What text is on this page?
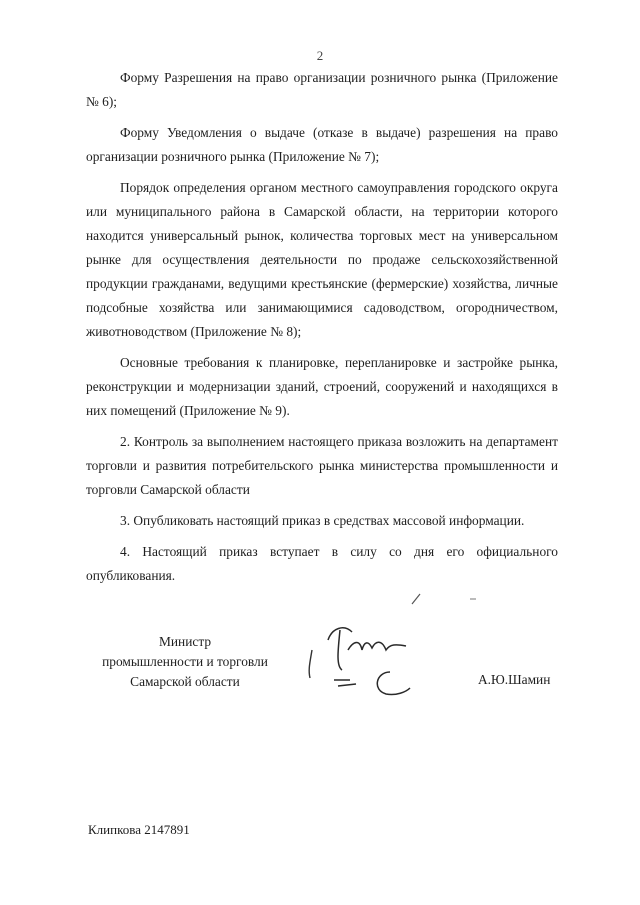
2

Форму Разрешения на право организации розничного рынка (Приложение № 6);

Форму Уведомления о выдаче (отказе в выдаче) разрешения на право организации розничного рынка (Приложение № 7);

Порядок определения органом местного самоуправления городского округа или муниципального района в Самарской области, на территории которого находится универсальный рынок, количества торговых мест на универсальном рынке для осуществления деятельности по продаже сельскохозяйственной продукции гражданами, ведущими крестьянские (фермерские) хозяйства, личные подсобные хозяйства или занимающимися садоводством, огородничеством, животноводством (Приложение № 8);

Основные требования к планировке, перепланировке и застройке рынка, реконструкции и модернизации зданий, строений, сооружений и находящихся в них помещений (Приложение № 9).

2. Контроль за выполнением настоящего приказа возложить на департамент торговли и развития потребительского рынка министерства промышленности и торговли Самарской области

3. Опубликовать настоящий приказ в средствах массовой информации.

4. Настоящий приказ вступает в силу со дня его официального опубликования.

Министр
промышленности и торговли
Самарской области	А.Ю.Шамин
Клипкова 2147891
